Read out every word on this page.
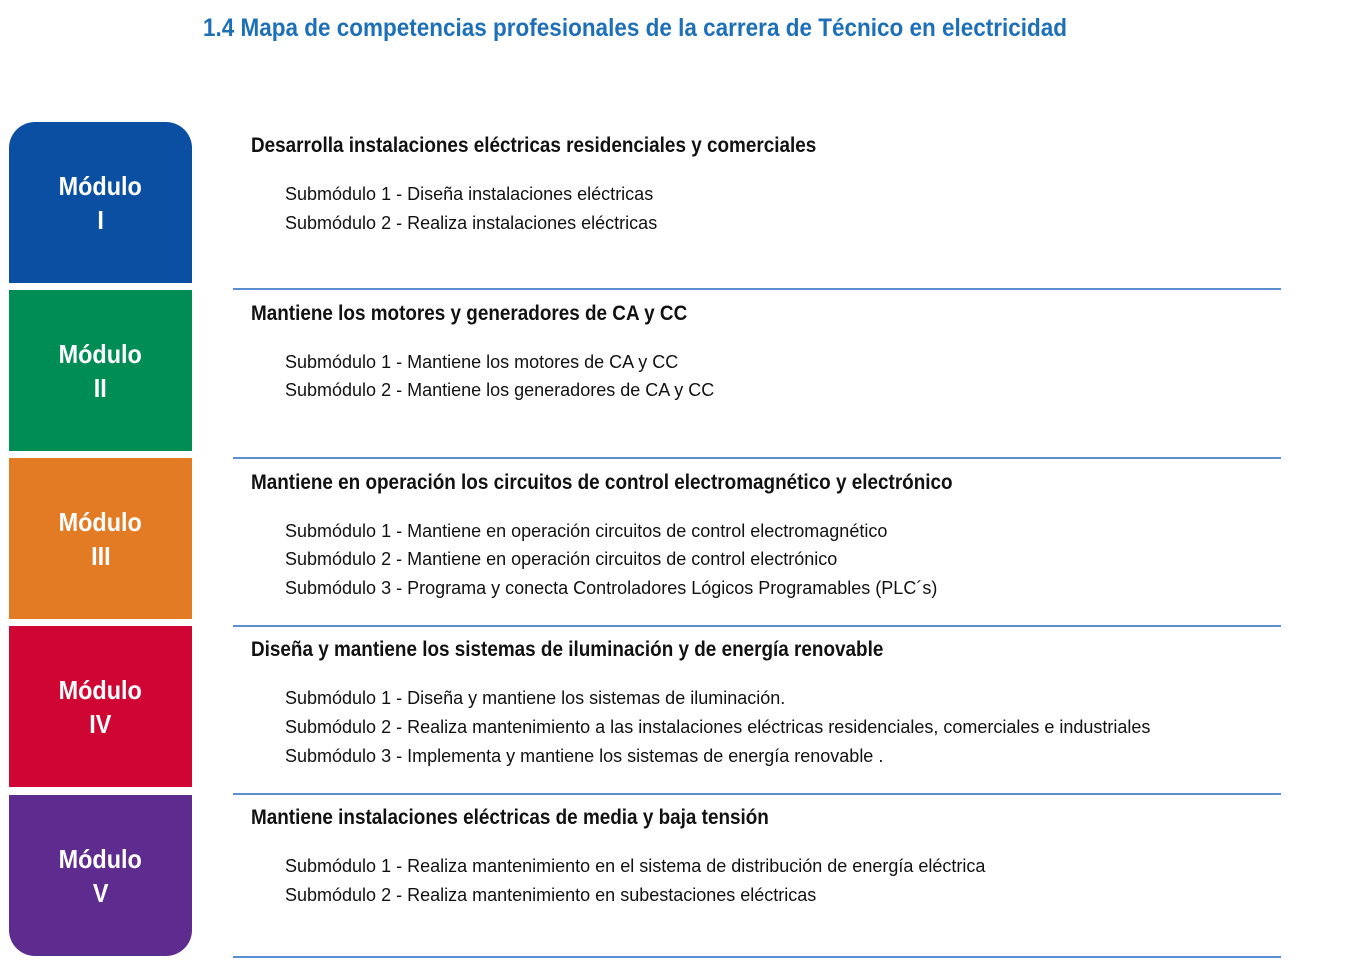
1.4 Mapa de competencias profesionales de la carrera de Técnico en electricidad
Módulo
I
Desarrolla instalaciones eléctricas residenciales y comerciales
Submódulo 1 - Diseña instalaciones eléctricas
Submódulo 2 - Realiza instalaciones eléctricas
Módulo
II
Mantiene los motores y generadores de CA y CC
Submódulo 1 - Mantiene los motores de CA y CC
Submódulo 2 - Mantiene los generadores de CA y CC
Módulo
III
Mantiene en operación los circuitos de control electromagnético y electrónico
Submódulo 1 - Mantiene en operación circuitos de control electromagnético
Submódulo 2 - Mantiene en operación circuitos de control electrónico
Submódulo 3 - Programa y conecta Controladores Lógicos Programables (PLC´s)
Módulo
IV
Diseña y mantiene los sistemas de iluminación y de energía renovable
Submódulo 1 - Diseña y mantiene los sistemas de iluminación.
Submódulo 2 - Realiza mantenimiento a las instalaciones eléctricas residenciales, comerciales e industriales
Submódulo 3 - Implementa y mantiene los sistemas de energía renovable .
Módulo
V
Mantiene instalaciones eléctricas de media y baja tensión
Submódulo 1 - Realiza mantenimiento en el sistema de distribución de energía eléctrica
Submódulo 2 - Realiza mantenimiento en subestaciones eléctricas
